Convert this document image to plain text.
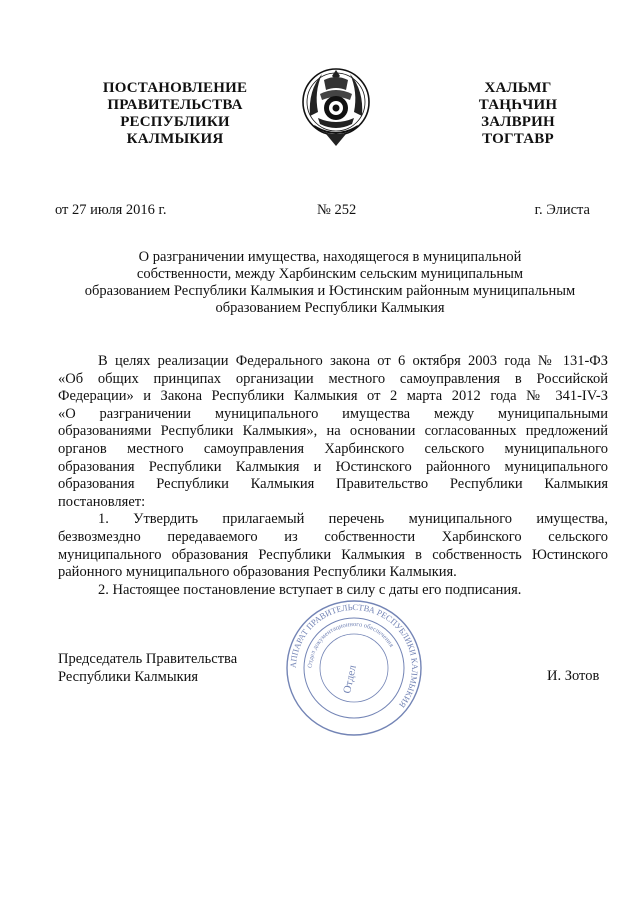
ПОСТАНОВЛЕНИЕ
ПРАВИТЕЛЬСТВА
РЕСПУБЛИКИ
КАЛМЫКИЯ
ХАЛЬМГ
ТАҢҺЧИН
ЗАЛВРИН
ТОГТАВР
от 27 июля 2016 г.	№ 252	г. Элиста
О разграничении имущества, находящегося в муниципальной
собственности, между Харбинским сельским муниципальным
образованием Республики Калмыкия и Юстинским районным муниципальным
образованием Республики Калмыкия
В целях реализации Федерального закона от 6 октября 2003 года № 131-ФЗ
«Об общих принципах организации местного самоуправления в Российской
Федерации» и Закона Республики Калмыкия от 2 марта 2012 года № 341-IV-З
«О разграничении муниципального имущества между муниципальными
образованиями Республики Калмыкия», на основании согласованных предложений
органов местного самоуправления Харбинского сельского муниципального
образования Республики Калмыкия и Юстинского районного муниципального
образования Республики Калмыкия Правительство Республики Калмыкия
постановляет:
1. Утвердить прилагаемый перечень муниципального имущества,
безвозмездно передаваемого из собственности Харбинского сельского
муниципального образования Республики Калмыкия в собственность Юстинского
районного муниципального образования Республики Калмыкия.
2. Настоящее постановление вступает в силу с даты его подписания.
АППАРАТ ПРАВИТЕЛЬСТВА РЕСПУБЛИКИ КАЛМЫКИЯ
Отдел документационного обеспечения
Отдел
Председатель Правительства
Республики Калмыкия	И. Зотов
